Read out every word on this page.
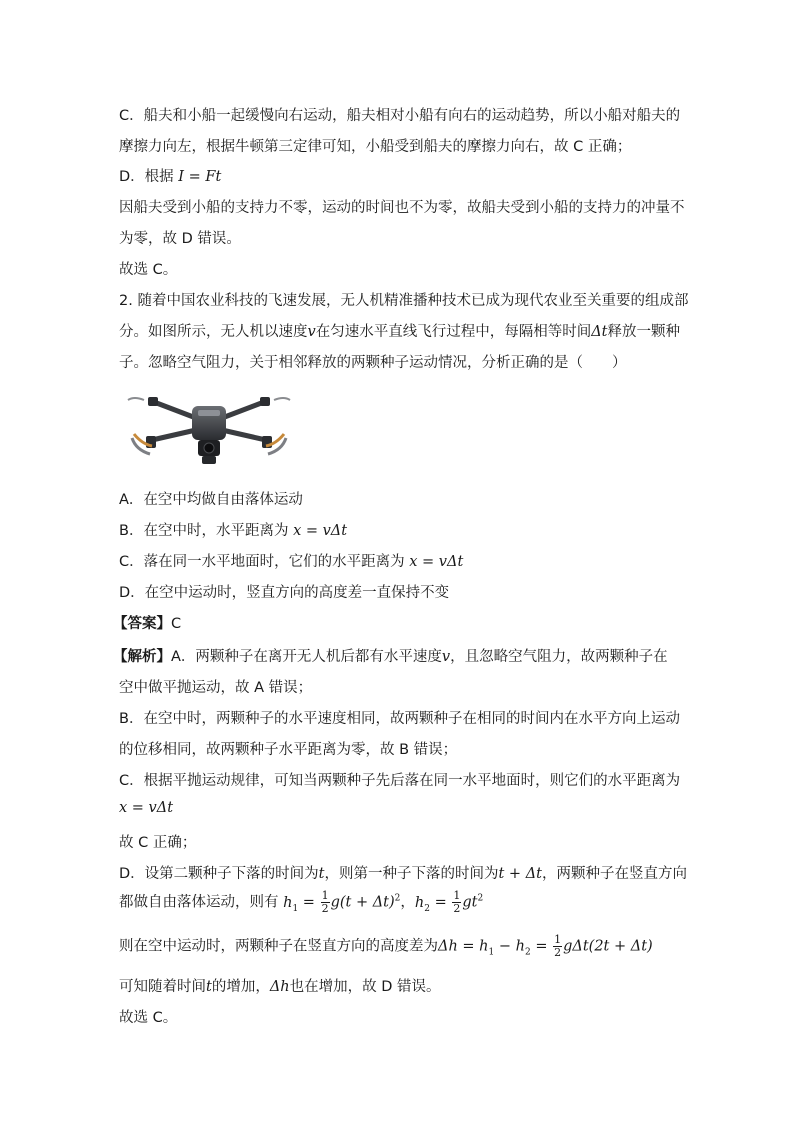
C．船夫和小船一起缓慢向右运动，船夫相对小船有向右的运动趋势，所以小船对船夫的
摩擦力向左，根据牛顿第三定律可知，小船受到船夫的摩擦力向右，故 C 正确；
D．根据 I = Ft
因船夫受到小船的支持力不零，运动的时间也不为零，故船夫受到小船的支持力的冲量不
为零，故 D 错误。
故选 C。
2. 随着中国农业科技的飞速发展，无人机精准播种技术已成为现代农业至关重要的组成部
分。如图所示，无人机以速度v在匀速水平直线飞行过程中，每隔相等时间Δt释放一颗种
子。忽略空气阻力，关于相邻释放的两颗种子运动情况，分析正确的是（　　）
A．在空中均做自由落体运动
B．在空中时，水平距离为 x = vΔt
C．落在同一水平地面时，它们的水平距离为 x = vΔt
D．在空中运动时，竖直方向的高度差一直保持不变
【答案】C
【解析】A．两颗种子在离开无人机后都有水平速度v，且忽略空气阻力，故两颗种子在
空中做平抛运动，故 A 错误；
B．在空中时，两颗种子的水平速度相同，故两颗种子在相同的时间内在水平方向上运动
的位移相同，故两颗种子水平距离为零，故 B 错误；
C．根据平抛运动规律，可知当两颗种子先后落在同一水平地面时，则它们的水平距离为
x = vΔt
故 C 正确；
D．设第二颗种子下落的时间为t，则第一种子下落的时间为t + Δt，两颗种子在竖直方向
都做自由落体运动，则有 $h_1 = \frac{1}{2} g(t + \Delta t)^2$，$h_2 = \frac{1}{2} gt^2$
则在空中运动时，两颗种子在竖直方向的高度差为$\Delta h = h_1 - h_2 = \frac{1}{2} g\Delta t(2t + \Delta t)$
可知随着时间t的增加，Δh也在增加，故 D 错误。
故选 C。
